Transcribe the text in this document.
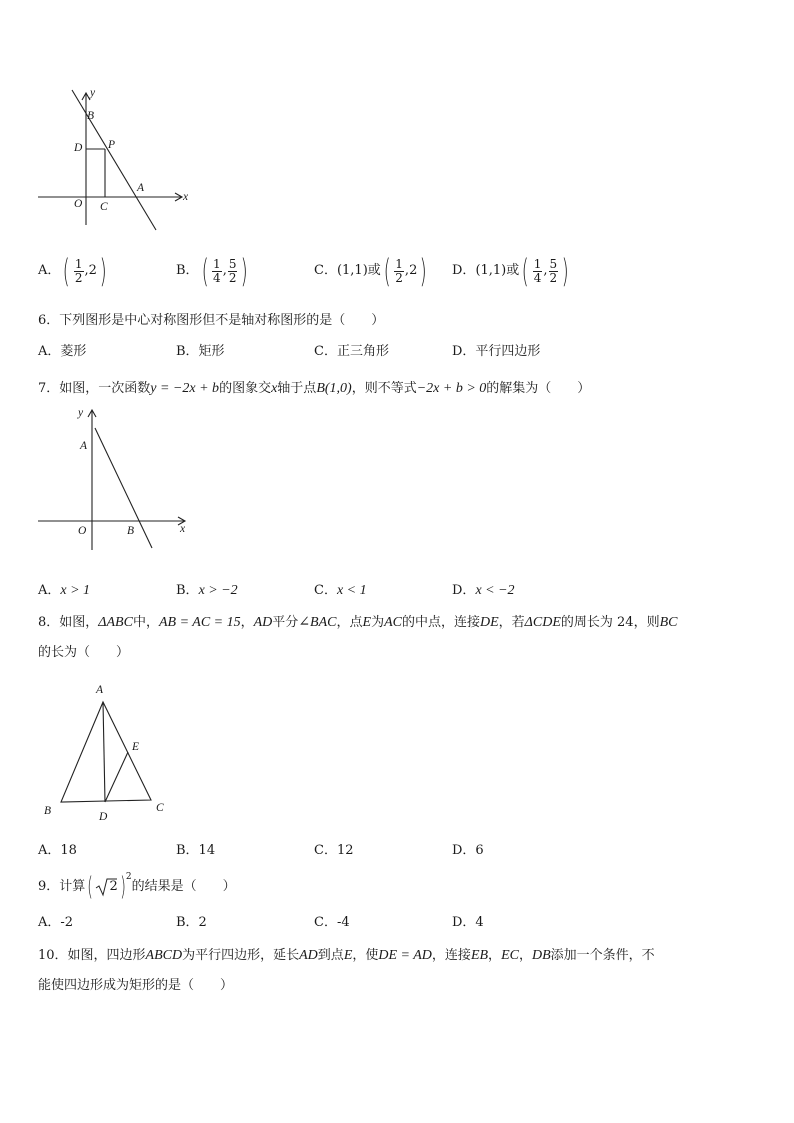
y
x
B
D P
A
O C
A． ( $\frac{1}{2}$ , 2 )	B． ( $\frac{1}{4}$ , $\frac{5}{2}$ )	C． (1,1) 或 ( $\frac{1}{2}$ , 2 ) D． (1,1) 或 ( $\frac{1}{4}$ , $\frac{5}{2}$ )
6．下列图形是中心对称图形但不是轴对称图形的是（　　）
A．菱形	B．矩形	C．正三角形	D．平行四边形
7．如图，一次函数y = −2x + b的图象交x轴于点B(1,0)，则不等式−2x + b > 0的解集为（　　）
y
x
A
O	B
A．x > 1	B．x > −2	C．x < 1	D．x < −2
8．如图，ΔABC中，AB = AC = 15，AD平分∠BAC，点E为AC的中点，连接DE，若ΔCDE的周长为 24，则BC
的长为（　　）
A
E
B	D
C
A．18	B．14	C．12	D．6
9．计算 ( 2 ) 2
的结果是（　　）
A．-2	B．2	C．-4	D．4
10．如图，四边形ABCD为平行四边形，延长AD到点E，使DE = AD，连接EB，EC，DB添加一个条件，不
能使四边形成为矩形的是（　　）
